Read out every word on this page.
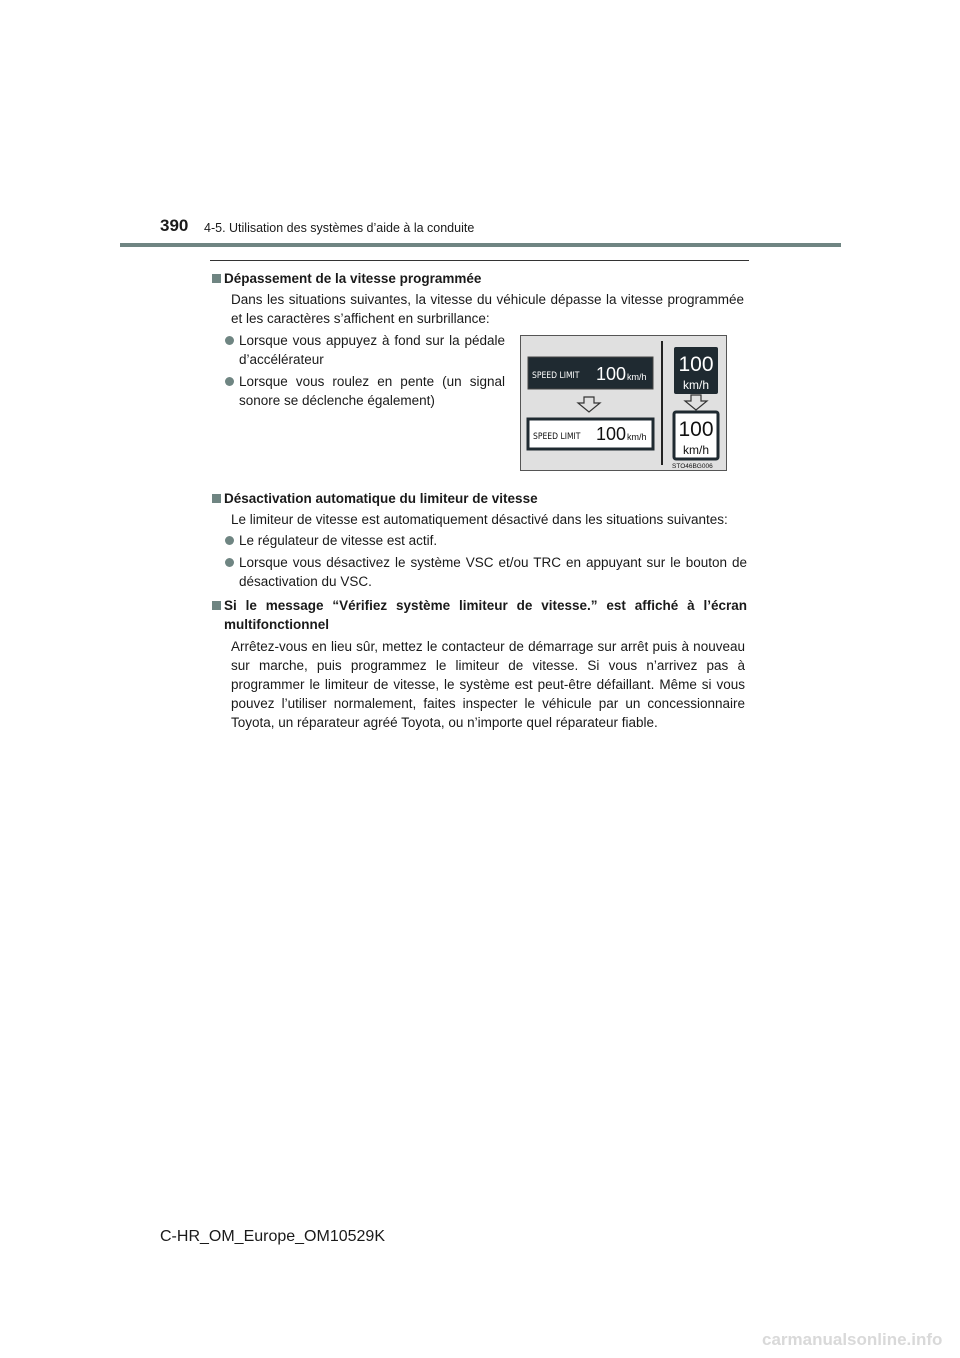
390 4-5. Utilisation des systèmes d’aide à la conduite
Dépassement de la vitesse programmée
Dans les situations suivantes, la vitesse du véhicule dépasse la vitesse programmée
et les caractères s’affichent en surbrillance:
Lorsque vous appuyez à fond sur la pédale
d’accélérateur
Lorsque vous roulez en pente (un signal
sonore se déclenche également)
SPEED LIMIT 100 km/h
SPEED LIMIT 100 km/h
100
km/h
100
km/h
STO46BG006
Désactivation automatique du limiteur de vitesse
Le limiteur de vitesse est automatiquement désactivé dans les situations suivantes:
Le régulateur de vitesse est actif.
Lorsque vous désactivez le système VSC et/ou TRC en appuyant sur le bouton de
désactivation du VSC.
Si le message “Vérifiez système limiteur de vitesse.” est affiché à l’écran
multifonctionnel
Arrêtez-vous en lieu sûr, mettez le contacteur de démarrage sur arrêt puis à nouveau
sur marche, puis programmez le limiteur de vitesse. Si vous n’arrivez pas à
programmer le limiteur de vitesse, le système est peut-être défaillant. Même si vous
pouvez l’utiliser normalement, faites inspecter le véhicule par un concessionnaire
Toyota, un réparateur agréé Toyota, ou n’importe quel réparateur fiable.
C-HR_OM_Europe_OM10529K
carmanualsonline.info
